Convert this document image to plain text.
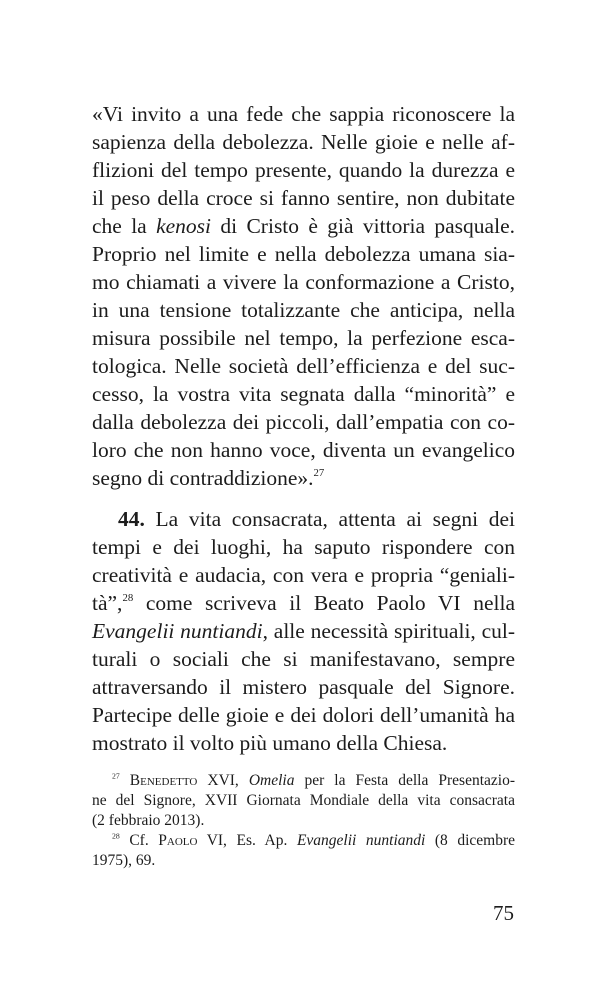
«Vi invito a una fede che sappia riconoscere la
sapienza della debolezza. Nelle gioie e nelle af-
flizioni del tempo presente, quando la durezza e
il peso della croce si fanno sentire, non dubitate
che la kenosi di Cristo è già vittoria pasquale.
Proprio nel limite e nella debolezza umana sia-
mo chiamati a vivere la conformazione a Cristo,
in una tensione totalizzante che anticipa, nella
misura possibile nel tempo, la perfezione esca-
tologica. Nelle società dell’efficienza e del suc-
cesso, la vostra vita segnata dalla “minorità” e
dalla debolezza dei piccoli, dall’empatia con co-
loro che non hanno voce, diventa un evangelico
segno di contraddizione».$^{27}$
44. La vita consacrata, attenta ai segni dei
tempi e dei luoghi, ha saputo rispondere con
creatività e audacia, con vera e propria “geniali-
tà”,$^{28}$ come scriveva il Beato Paolo VI nella
Evangelii nuntiandi, alle necessità spirituali, cul-
turali o sociali che si manifestavano, sempre
attraversando il mistero pasquale del Signore.
Partecipe delle gioie e dei dolori dell’umanità ha
mostrato il volto più umano della Chiesa.
$^{27}$ Benedetto XVI, Omelia per la Festa della Presentazio-
ne del Signore, XVII Giornata Mondiale della vita consacrata
(2 febbraio 2013).
$^{28}$ Cf. Paolo VI, Es. Ap. Evangelii nuntiandi (8 dicembre
1975), 69.
75
